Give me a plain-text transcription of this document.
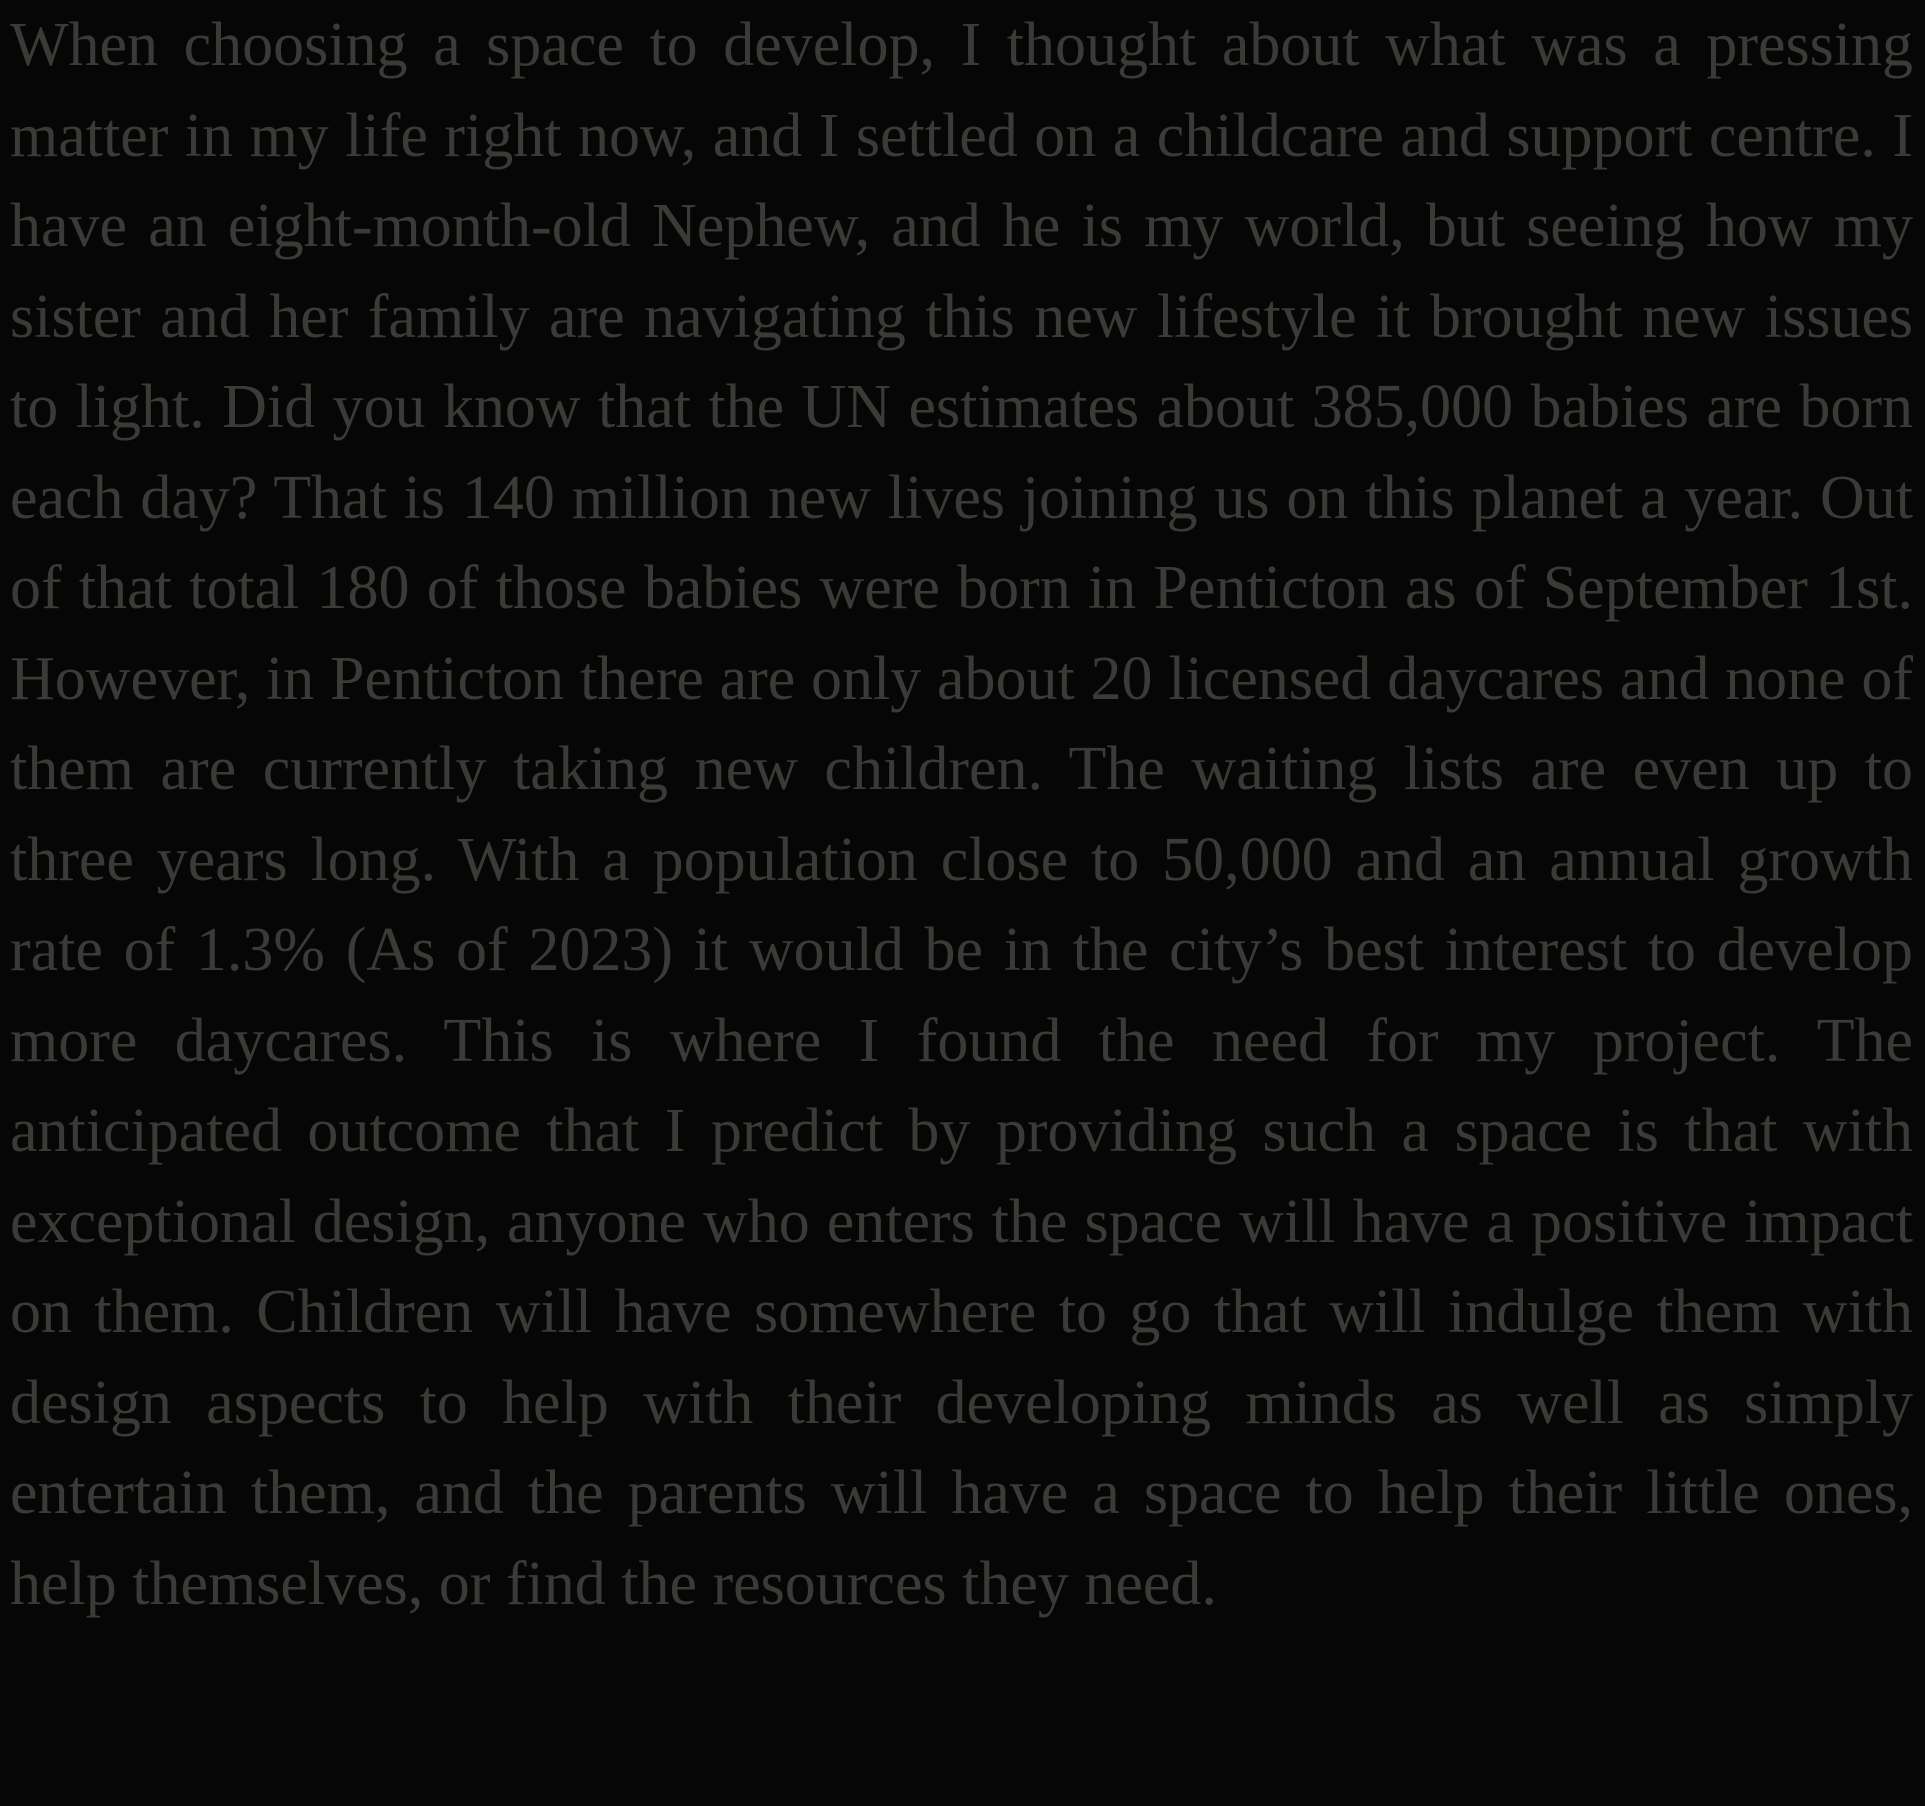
When choosing a space to develop, I thought about what was a pressing matter in my life right now, and I settled on a childcare and support centre. I have an eight-month-old Nephew, and he is my world, but seeing how my sister and her family are navigating this new lifestyle it brought new issues to light. Did you know that the UN estimates about 385,000 babies are born each day? That is 140 million new lives joining us on this planet a year. Out of that total 180 of those babies were born in Penticton as of September 1st. However, in Penticton there are only about 20 licensed daycares and none of them are currently taking new children. The waiting lists are even up to three years long. With a population close to 50,000 and an annual growth rate of 1.3% (As of 2023) it would be in the city’s best interest to develop more daycares. This is where I found the need for my project. The anticipated outcome that I predict by providing such a space is that with exceptional design, anyone who enters the space will have a positive impact on them. Children will have somewhere to go that will indulge them with design aspects to help with their developing minds as well as simply entertain them, and the parents will have a space to help their little ones, help themselves, or find the resources they need.
